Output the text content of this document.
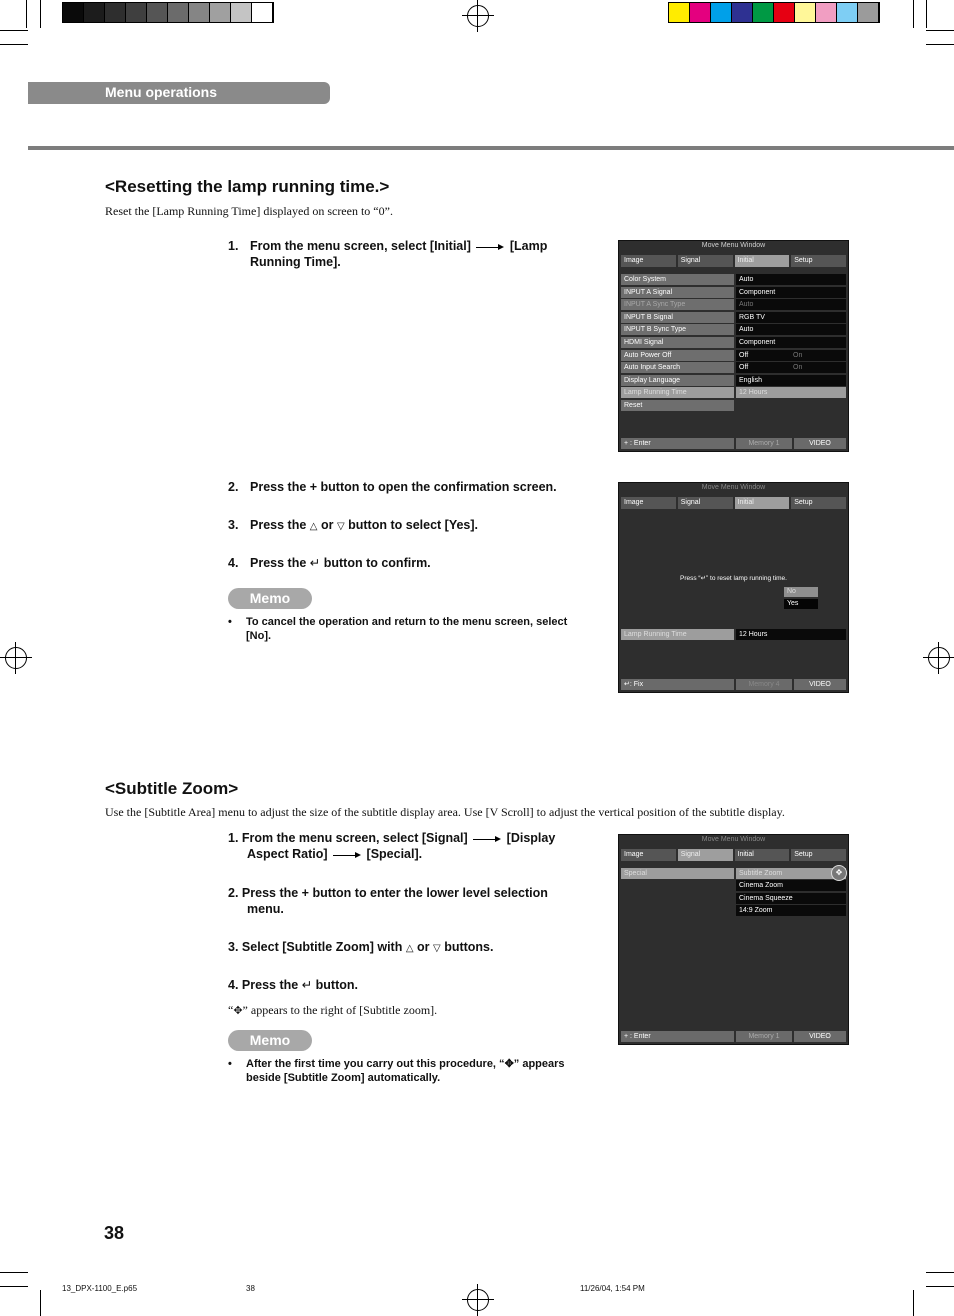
Menu operations
<Resetting the lamp running time.>
Reset the [Lamp Running Time] displayed on screen to “0”.
1. From the menu screen, select [Initial]	[Lamp
Running Time].
2. Press the + button to open the confirmation screen.
3. Press the △ or ▽ button to select [Yes].
4. Press the ↵ button to confirm.
Memo
• To cancel the operation and return to the menu screen, select
[No].
Move Menu Window
Image	Signal	Initial	Setup
Color System	Auto
INPUT A Signal	Component
INPUT A Sync Type	Auto
INPUT B Signal	RGB TV
INPUT B Sync Type	Auto
HDMI Signal	Component
Auto Power Off	Off	On
Auto Input Search	Off	On
Display Language	English
Lamp Running Time	12 Hours
Reset
+ : Enter	Memory 1	VIDEO
Move Menu Window
Image	Signal	Initial	Setup
Press “↵” to reset lamp running time.
No
Yes
Lamp Running Time	12 Hours
↵: Fix	Memory 4	VIDEO
<Subtitle Zoom>
Use the [Subtitle Area] menu to adjust the size of the subtitle display area. Use [V Scroll] to adjust the vertical position of the subtitle display.
1. From the menu screen, select [Signal]	[Display
Aspect Ratio]	[Special].
2. Press the + button to enter the lower level selection
menu.
3. Select [Subtitle Zoom] with △ or ▽ buttons.
4. Press the ↵ button.
“✥” appears to the right of [Subtitle zoom].
Memo
• After the first time you carry out this procedure, “✥” appears
beside [Subtitle Zoom] automatically.
Move Menu Window
Image	Signal	Initial	Setup
Special	Subtitle Zoom
Cinema Zoom
Cinema Squeeze
14:9 Zoom
✥
+ : Enter	Memory 1	VIDEO
38
13_DPX-1100_E.p65	38	11/26/04, 1:54 PM
